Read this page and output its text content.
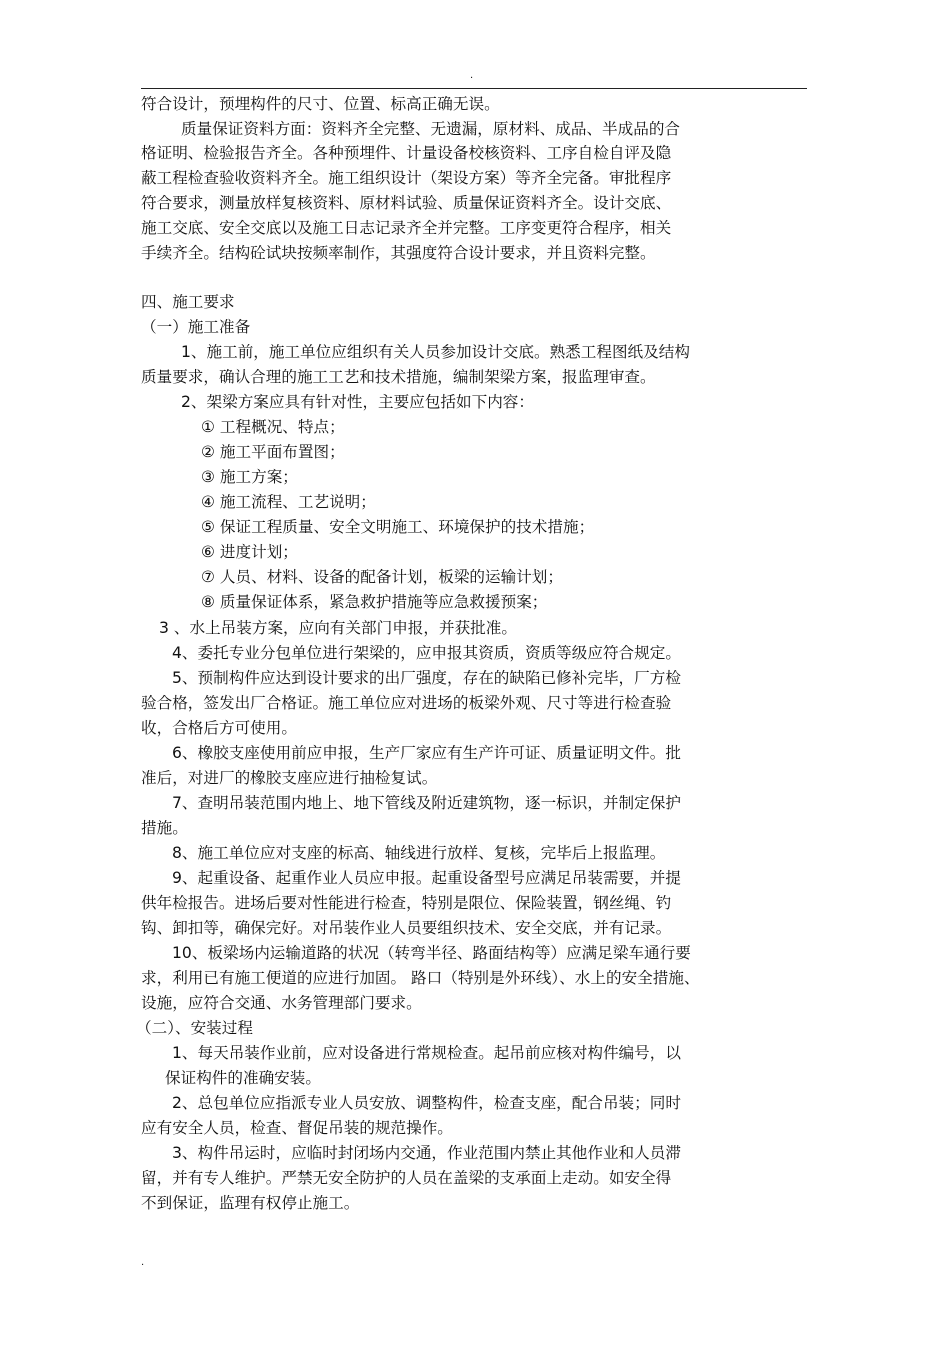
.
符合设计，预埋构件的尺寸、位置、标高正确无误。
质量保证资料方面：资料齐全完整、无遗漏，原材料、成品、半成品的合
格证明、检验报告齐全。各种预埋件、计量设备校核资料、工序自检自评及隐
蔽工程检查验收资料齐全。施工组织设计（架设方案）等齐全完备。审批程序
符合要求，测量放样复核资料、原材料试验、质量保证资料齐全。设计交底、
施工交底、安全交底以及施工日志记录齐全并完整。工序变更符合程序，相关
手续齐全。结构砼试块按频率制作，其强度符合设计要求，并且资料完整。
四、施工要求
（一）施工准备
1、施工前，施工单位应组织有关人员参加设计交底。熟悉工程图纸及结构
质量要求，确认合理的施工工艺和技术措施，编制架梁方案，报监理审查。
2、架梁方案应具有针对性，主要应包括如下内容：
① 工程概况、特点；
② 施工平面布置图；
③ 施工方案；
④ 施工流程、工艺说明；
⑤ 保证工程质量、安全文明施工、环境保护的技术措施；
⑥ 进度计划；
⑦ 人员、材料、设备的配备计划，板梁的运输计划；
⑧ 质量保证体系，紧急救护措施等应急救援预案；
3 、水上吊装方案，应向有关部门申报，并获批准。
4、委托专业分包单位进行架梁的，应申报其资质，资质等级应符合规定。
5、预制构件应达到设计要求的出厂强度，存在的缺陷已修补完毕，厂方检
验合格，签发出厂合格证。施工单位应对进场的板梁外观、尺寸等进行检查验
收，合格后方可使用。
6、橡胶支座使用前应申报，生产厂家应有生产许可证、质量证明文件。批
准后，对进厂的橡胶支座应进行抽检复试。
7、查明吊装范围内地上、地下管线及附近建筑物，逐一标识，并制定保护
措施。
8、施工单位应对支座的标高、轴线进行放样、复核，完毕后上报监理。
9、起重设备、起重作业人员应申报。起重设备型号应满足吊装需要，并提
供年检报告。进场后要对性能进行检查，特别是限位、保险装置，钢丝绳、钓
钩、卸扣等，确保完好。对吊装作业人员要组织技术、安全交底，并有记录。
10、板梁场内运输道路的状况（转弯半径、路面结构等）应满足梁车通行要
求，利用已有施工便道的应进行加固。 路口（特别是外环线）、水上的安全措施、
设施，应符合交通、水务管理部门要求。
（二）、安装过程
1、每天吊装作业前，应对设备进行常规检查。起吊前应核对构件编号，以
保证构件的准确安装。
2、总包单位应指派专业人员安放、调整构件，检查支座，配合吊装；同时
应有安全人员，检查、督促吊装的规范操作。
3、构件吊运时，应临时封闭场内交通，作业范围内禁止其他作业和人员滞
留，并有专人维护。严禁无安全防护的人员在盖梁的支承面上走动。如安全得
不到保证，监理有权停止施工。
.
